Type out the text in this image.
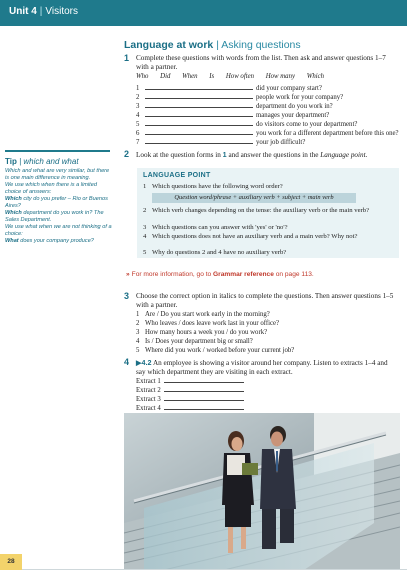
Unit 4 | Visitors
Language at work | Asking questions
1 Complete these questions with words from the list. Then ask and answer questions 1–7 with a partner.
Who Did When Is How often How many Which
1	did your company start?
2	people work for your company?
3	department do you work in?
4	manages your department?
5	do visitors come to your department?
6	you work for a different department before this one?
7	your job difficult?
2 Look at the question forms in 1 and answer the questions in the Language point.
Tip | which and what
Which and what are very similar, but there is one main difference in meaning.
We use which when there is a limited choice of answers:
Which city do you prefer – Rio or Buenos Aires?
Which department do you work in? The Sales Department.
We use what when we are not thinking of a choice:
What does your company produce?
LANGUAGE POINT
1 Which questions have the following word order?
Question word/phrase + auxiliary verb + subject + main verb
2 Which verb changes depending on the tense: the auxiliary verb or the main verb?
3 Which questions can you answer with 'yes' or 'no'?
4 Which questions does not have an auxiliary verb and a main verb? Why not?
5 Why do questions 2 and 4 have no auxiliary verb?
» For more information, go to Grammar reference on page 113.
3 Choose the correct option in italics to complete the questions. Then answer questions 1–5 with a partner.
1 Are / Do you start work early in the morning?
2 Who leaves / does leave work last in your office?
3 How many hours a week you / do you work?
4 Is / Does your department big or small?
5 Where did you work / worked before your current job?
4 ▶4.2 An employee is showing a visitor around her company. Listen to extracts 1–4 and say which department they are visiting in each extract.
Extract 1
Extract 2
Extract 3
Extract 4
28
